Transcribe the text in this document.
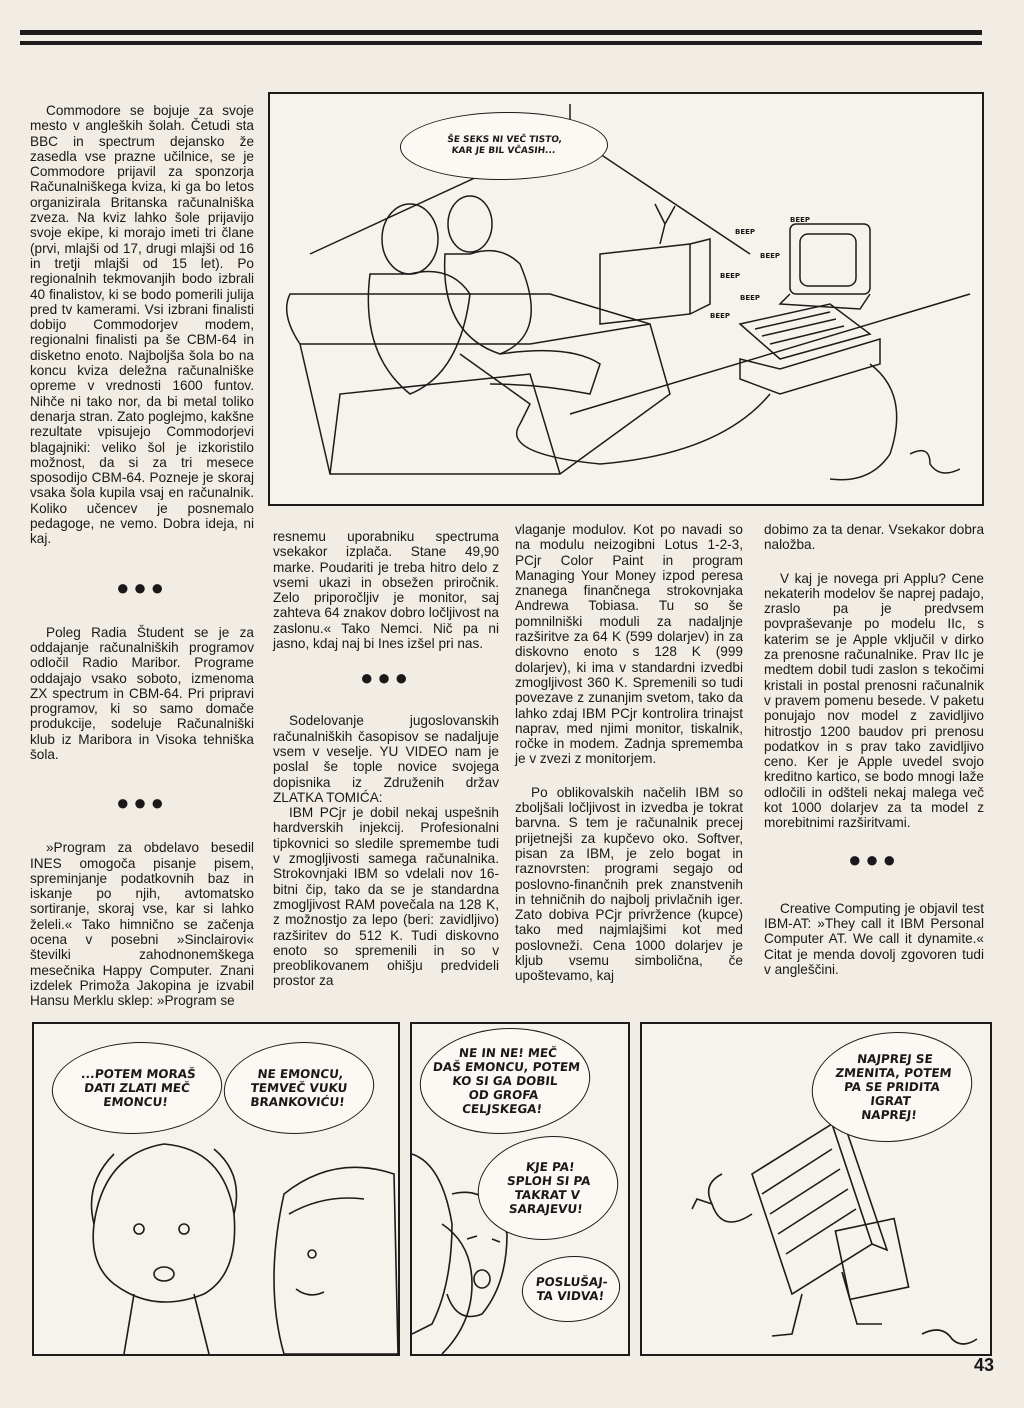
ŠE SEKS NI VEČ TISTO,
KAR JE BIL VČASIH...
BEEP
BEEP
BEEP
BEEP
BEEP
BEEP

Commodore se bojuje za svoje mesto v angleških šolah. Četudi sta BBC in spectrum dejansko že zasedla vse prazne učilnice, se je Commodore prijavil za sponzorja Računalniškega kviza, ki ga bo letos organizirala Britanska računalniška zveza. Na kviz lahko šole prijavijo svoje ekipe, ki morajo imeti tri člane (prvi, mlajši od 17, drugi mlajši od 16 in tretji mlajši od 15 let). Po regionalnih tekmovanjih bodo izbrali 40 finalistov, ki se bodo pomerili julija pred tv kamerami. Vsi izbrani finalisti dobijo Commodorjev modem, regionalni finalisti pa še CBM-64 in disketno enoto. Najboljša šola bo na koncu kviza deležna računalniške opreme v vrednosti 1600 funtov. Nihče ni tako nor, da bi metal toliko denarja stran. Zato poglejmo, kakšne rezultate vpisujejo Commodorjevi blagajniki: veliko šol je izkoristilo možnost, da si za tri mesece sposodijo CBM-64. Pozneje je skoraj vsaka šola kupila vsaj en računalnik. Koliko učencev je posnemalo pedagoge, ne vemo. Dobra ideja, ni kaj.

●●●

Poleg Radia Študent se je za oddajanje računalniških programov odločil Radio Maribor. Programe oddajajo vsako soboto, izmenoma ZX spectrum in CBM-64. Pri pripravi programov, ki so samo domače produkcije, sodeluje Računalniški klub iz Maribora in Visoka tehniška šola.

●●●

»Program za obdelavo besedil INES omogoča pisanje pisem, spreminjanje podatkovnih baz in iskanje po njih, avtomatsko sortiranje, skoraj vse, kar si lahko želeli.« Tako himnično se začenja ocena v posebni »Sinclairovi« številki zahodnonemškega mesečnika Happy Computer. Znani izdelek Primoža Jakopina je izvabil Hansu Merklu sklep: »Program se

resnemu uporabniku spectruma vsekakor izplača. Stane 49,90 marke. Poudariti je treba hitro delo z vsemi ukazi in obsežen priročnik. Zelo priporočljiv je monitor, saj zahteva 64 znakov dobro ločljivost na zaslonu.« Tako Nemci. Nič pa ni jasno, kdaj naj bi Ines izšel pri nas.

●●●

Sodelovanje jugoslovanskih računalniških časopisov se nadaljuje vsem v veselje. YU VIDEO nam je poslal še tople novice svojega dopisnika iz Združenih držav ZLATKA TOMIĆA:

IBM PCjr je dobil nekaj uspešnih hardverskih injekcij. Profesionalni tipkovnici so sledile spremembe tudi v zmogljivosti samega računalnika. Strokovnjaki IBM so vdelali nov 16-bitni čip, tako da se je standardna zmogljivost RAM povečala na 128 K, z možnostjo za lepo (beri: zavidljivo) razširitev do 512 K. Tudi diskovno enoto so spremenili in so v preoblikovanem ohišju predvideli prostor za

vlaganje modulov. Kot po navadi so na modulu neizogibni Lotus 1-2-3, PCjr Color Paint in program Managing Your Money izpod peresa znanega finančnega strokovnjaka Andrewa Tobiasa. Tu so še pomnilniški moduli za nadaljnje razširitve za 64 K (599 dolarjev) in za diskovno enoto s 128 K (999 dolarjev), ki ima v standardni izvedbi zmogljivost 360 K. Spremenili so tudi povezave z zunanjim svetom, tako da lahko zdaj IBM PCjr kontrolira trinajst naprav, med njimi monitor, tiskalnik, ročke in modem. Zadnja sprememba je v zvezi z monitorjem.

Po oblikovalskih načelih IBM so zboljšali ločljivost in izvedba je tokrat barvna. S tem je računalnik precej prijetnejši za kupčevo oko. Softver, pisan za IBM, je zelo bogat in raznovrsten: programi segajo od poslovno-finančnih prek znanstvenih in tehničnih do najbolj privlačnih iger. Zato dobiva PCjr privržence (kupce) tako med najmlajšimi kot med poslovneži. Cena 1000 dolarjev je kljub vsemu simbolična, če upoštevamo, kaj

dobimo za ta denar. Vsekakor dobra naložba.

V kaj je novega pri Applu? Cene nekaterih modelov še naprej padajo, zraslo pa je predvsem povpraševanje po modelu IIc, s katerim se je Apple vključil v dirko za prenosne računalnike. Prav IIc je medtem dobil tudi zaslon s tekočimi kristali in postal prenosni računalnik v pravem pomenu besede. V paketu ponujajo nov model z zavidljivo hitrostjo 1200 baudov pri prenosu podatkov in s prav tako zavidljivo ceno. Ker je Apple uvedel svojo kreditno kartico, se bodo mnogi laže odločili in odšteli nekaj malega več kot 1000 dolarjev za ta model z morebitnimi razširitvami.

●●●

Creative Computing je objavil test IBM-AT: »They call it IBM Personal Computer AT. We call it dynamite.« Citat je menda dovolj zgovoren tudi v angleščini.

...POTEM MORAŠ
DATI ZLATI MEČ
EMONCU!
NE EMONCU,
TEMVEČ VUKU
BRANKOVIĆU!
NE IN NE! MEČ
DAŠ EMONCU, POTEM
KO SI GA DOBIL
OD GROFA
CELJSKEGA!
KJE PA!
SPLOH SI PA
TAKRAT V
SARAJEVU!
POSLUŠAJ-
TA VIDVA!
NAJPREJ SE
ZMENITA, POTEM
PA SE PRIDITA
IGRAT
NAPREJ!
43
